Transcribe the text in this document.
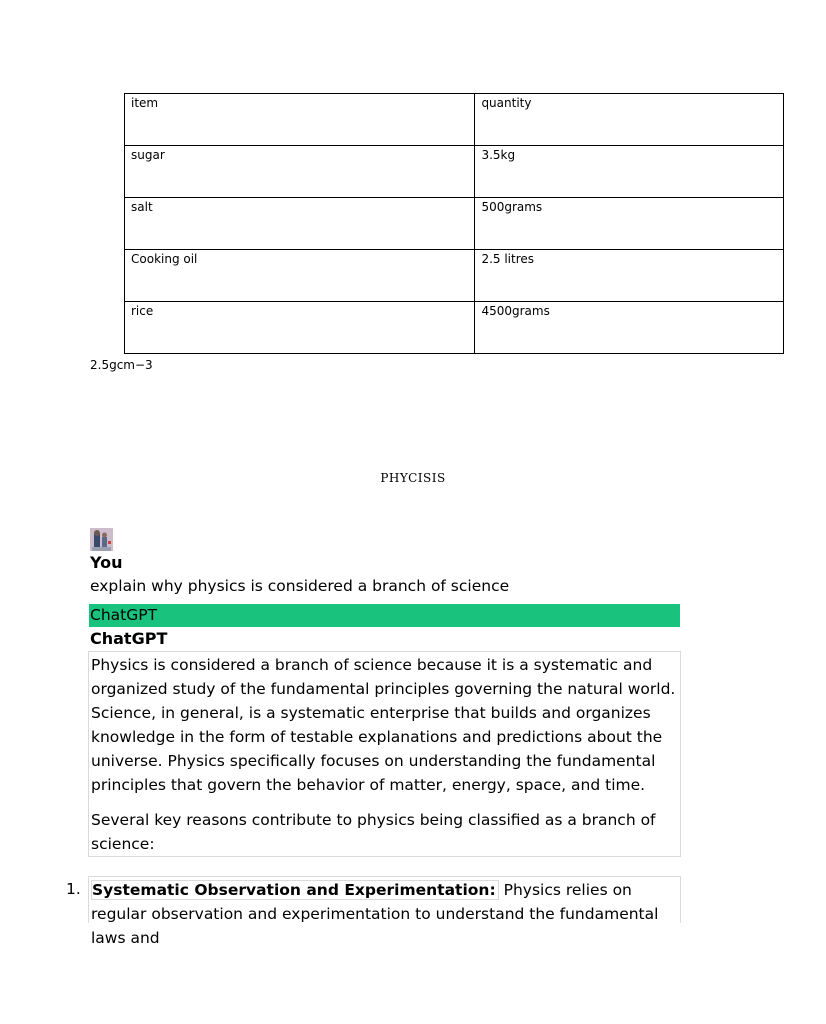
item	quantity
sugar	3.5kg
salt	500grams
Cooking oil	2.5 litres
rice	4500grams
2.5gcm−3
PHYCISIS
You
explain why physics is considered a branch of science
ChatGPT
ChatGPT

Physics is considered a branch of science because it is a systematic and organized study of the fundamental principles governing the natural world. Science, in general, is a systematic enterprise that builds and organizes knowledge in the form of testable explanations and predictions about the universe. Physics specifically focuses on understanding the fundamental principles that govern the behavior of matter, energy, space, and time.

Several key reasons contribute to physics being classified as a branch of science:

1. Systematic Observation and Experimentation: Physics relies on regular observation and experimentation to understand the fundamental laws and
